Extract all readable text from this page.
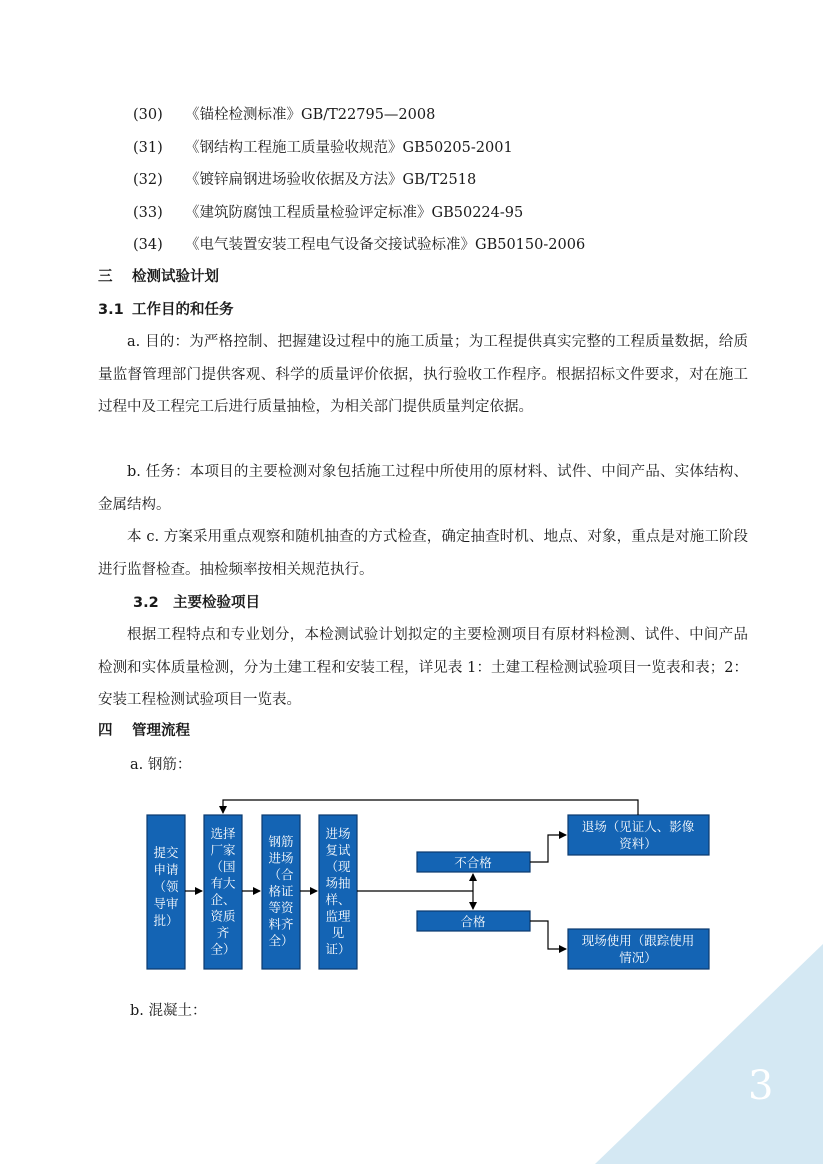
(30) 《锚栓检测标准》GB/T22795—2008
(31) 《钢结构工程施工质量验收规范》GB50205-2001
(32) 《镀锌扁钢进场验收依据及方法》GB/T2518
(33) 《建筑防腐蚀工程质量检验评定标准》GB50224-95
(34) 《电气装置安装工程电气设备交接试验标准》GB50150-2006
三 检测试验计划
3.1 工作目的和任务
a. 目的：为严格控制、把握建设过程中的施工质量；为工程提供真实完整的工程质量数据，给质量监督管理部门提供客观、科学的质量评价依据，执行验收工作程序。根据招标文件要求，对在施工过程中及工程完工后进行质量抽检，为相关部门提供质量判定依据。
b. 任务：本项目的主要检测对象包括施工过程中所使用的原材料、试件、中间产品、实体结构、金属结构。
本 c. 方案采用重点观察和随机抽查的方式检查，确定抽查时机、地点、对象，重点是对施工阶段进行监督检查。抽检频率按相关规范执行。
3.2 主要检验项目
根据工程特点和专业划分，本检测试验计划拟定的主要检测项目有原材料检测、试件、中间产品检测和实体质量检测，分为土建工程和安装工程，详见表 1：土建工程检测试验项目一览表和表；2：安装工程检测试验项目一览表。
四 管理流程
a. 钢筋：
提交申请（领导审批）
选择厂家（国有大企、资质齐全）
钢筋进场（合格证等资料齐全）
进场复试（现场抽样、监理见证）
不合格
合格
退场（见证人、影像资料）
现场使用（跟踪使用情况）
b. 混凝土：
3
